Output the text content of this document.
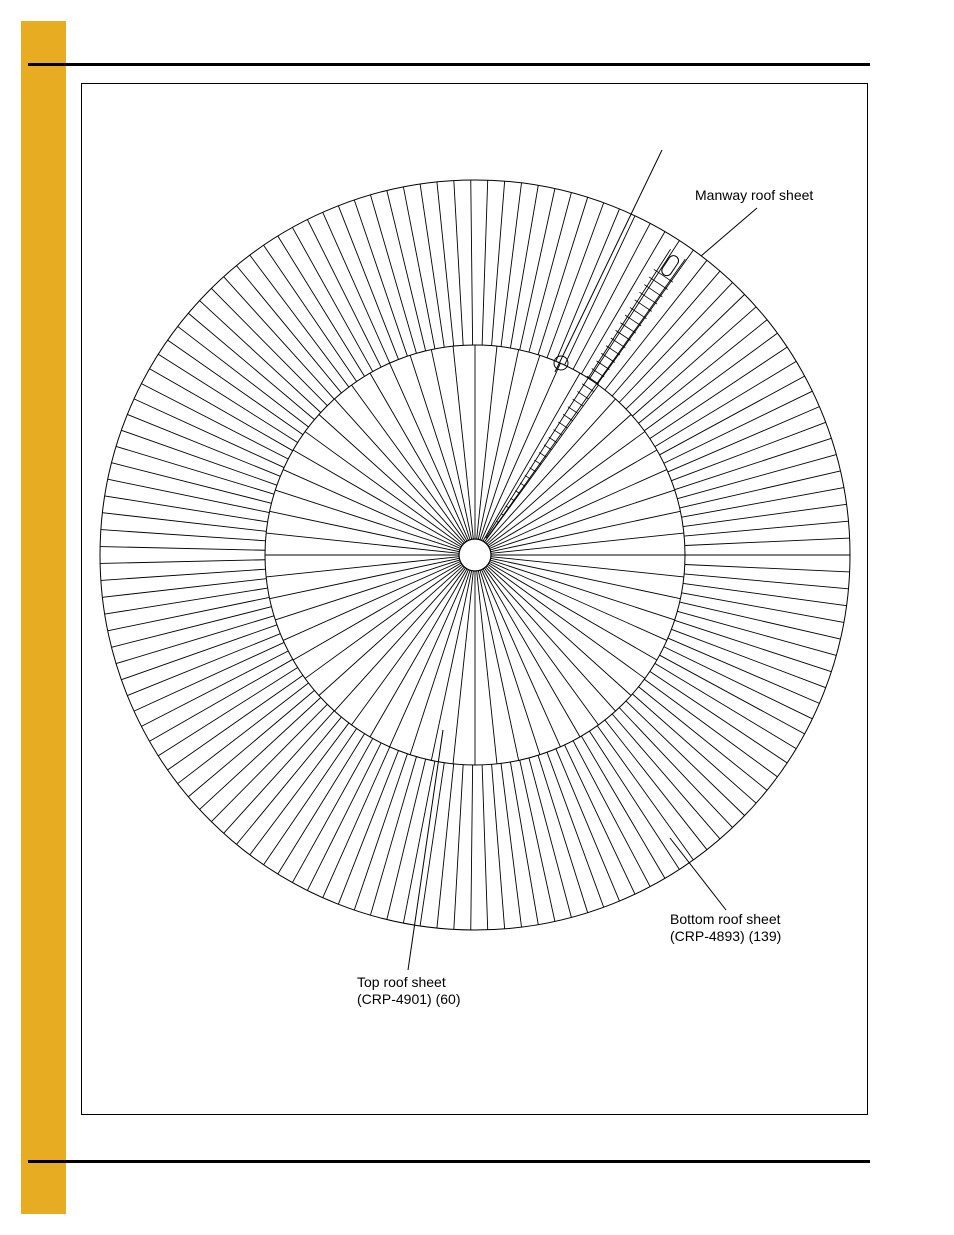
Manway roof sheet
Bottom roof sheet
(CRP-4893) (139)
Top roof sheet
(CRP-4901) (60)
